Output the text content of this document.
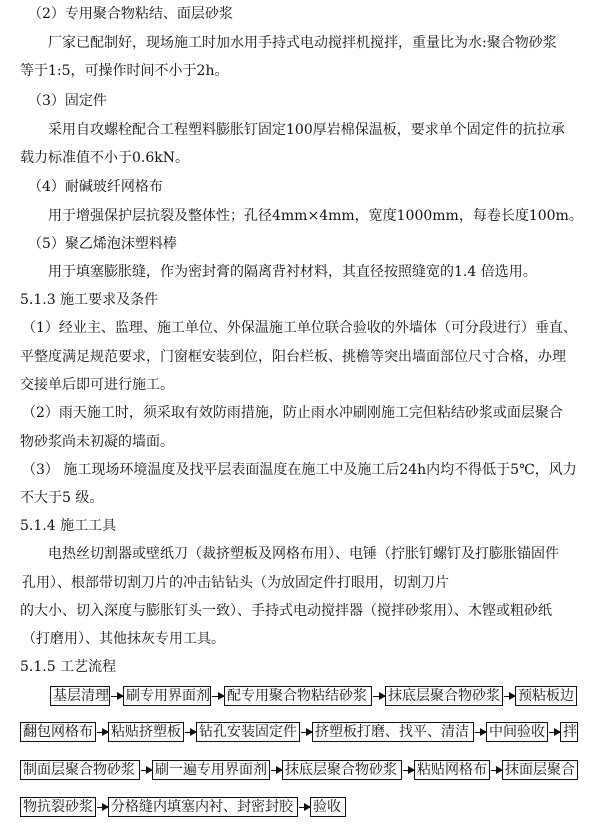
（2）专用聚合物粘结、面层砂浆
厂家已配制好，现场施工时加水用手持式电动搅拌机搅拌，重量比为水:聚合物砂浆
等于1:5，可操作时间不小于2h。
（3）固定件
采用自攻螺栓配合工程塑料膨胀钉固定100厚岩棉保温板，要求单个固定件的抗拉承
载力标准值不小于0.6kN。
（4）耐碱玻纤网格布
用于增强保护层抗裂及整体性；孔径4mm×4mm，宽度1000mm，每卷长度100m。
（5）聚乙烯泡沫塑料棒
用于填塞膨胀缝，作为密封膏的隔离背衬材料，其直径按照缝宽的1.4 倍选用。
5.1.3 施工要求及条件
（1）经业主、监理、施工单位、外保温施工单位联合验收的外墙体（可分段进行）垂直、
平整度满足规范要求，门窗框安装到位，阳台栏板、挑檐等突出墙面部位尺寸合格，办理
交接单后即可进行施工。
（2）雨天施工时，须采取有效防雨措施，防止雨水冲刷刚施工完但粘结砂浆或面层聚合
物砂浆尚未初凝的墙面。
（3） 施工现场环境温度及找平层表面温度在施工中及施工后24h内均不得低于5℃，风力
不大于5 级。
5.1.4 施工工具
电热丝切割器或壁纸刀（裁挤塑板及网格布用）、电锤（拧胀钉螺钉及打膨胀锚固件
孔用）、根部带切割刀片的冲击钻钻头（为放固定件打眼用，切割刀片
的大小、切入深度与膨胀钉头一致）、手持式电动搅拌器（搅拌砂浆用）、木铿或粗砂纸
（打磨用）、其他抹灰专用工具。
5.1.5 工艺流程
基层清理 刷专用界面剂 配专用聚合物粘结砂浆	抹底层聚合物砂浆 预粘板边
翻包网格布 粘贴挤塑板 钻孔安装固定件 挤塑板打磨、找平、清洁	中间验收 拌
制面层聚合物砂浆	刷一遍专用界面剂 抹底层聚合物砂浆	粘贴网格布 抹面层聚合
物抗裂砂浆 分格缝内填塞内衬、封密封胶	验收
